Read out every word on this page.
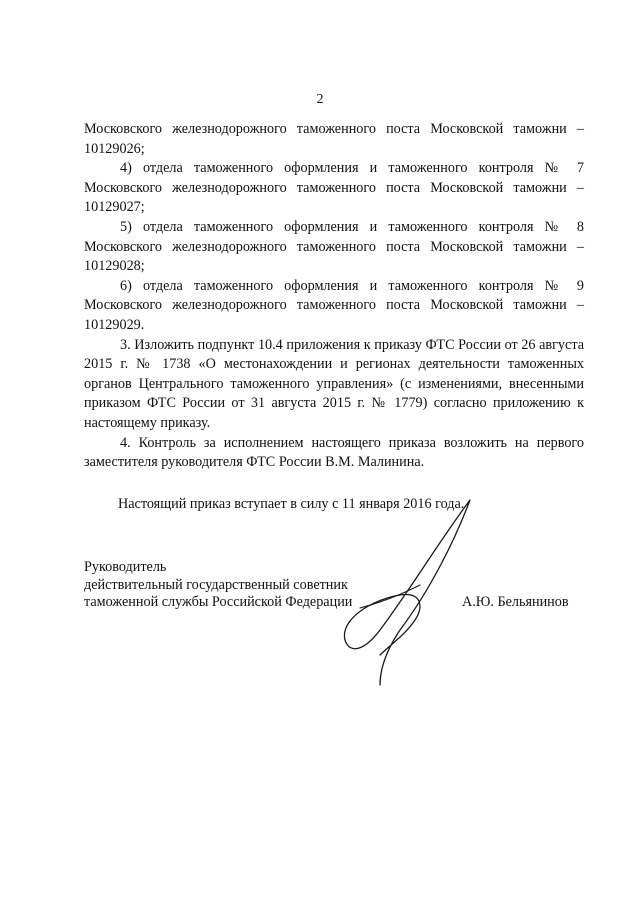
2

Московского железнодорожного таможенного поста Московской таможни – 10129026;

4) отдела таможенного оформления и таможенного контроля № 7 Московского железнодорожного таможенного поста Московской таможни – 10129027;

5) отдела таможенного оформления и таможенного контроля № 8 Московского железнодорожного таможенного поста Московской таможни – 10129028;

6) отдела таможенного оформления и таможенного контроля № 9 Московского железнодорожного таможенного поста Московской таможни – 10129029.

3. Изложить подпункт 10.4 приложения к приказу ФТС России от 26 августа 2015 г. № 1738 «О местонахождении и регионах деятельности таможенных органов Центрального таможенного управления» (с изменениями, внесенными приказом ФТС России от 31 августа 2015 г. № 1779) согласно приложению к настоящему приказу.

4. Контроль за исполнением настоящего приказа возложить на первого заместителя руководителя ФТС России В.М. Малинина.

Настоящий приказ вступает в силу с 11 января 2016 года.
Руководитель
действительный государственный советник
таможенной службы Российской Федерации	А.Ю. Бельянинов
